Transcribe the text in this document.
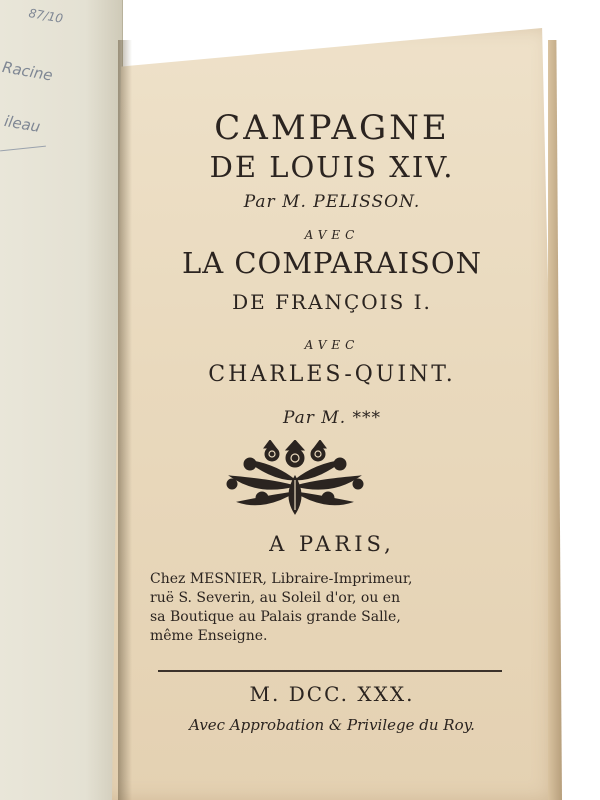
87/10
Racine
ileau	CAMPAGNE
DE LOUIS XIV.
Par M. PELISSON.
AVEC
LA COMPARAISON
DE FRANÇOIS I.
AVEC
CHARLES-QUINT.
Par M. ***
A PARIS,
Chez MESNIER, Libraire-Imprimeur,
ruë S. Severin, au Soleil d'or, ou en
sa Boutique au Palais grande Salle,
même Enseigne.
M. DCC. XXX.
Avec Approbation & Privilege du Roy.
